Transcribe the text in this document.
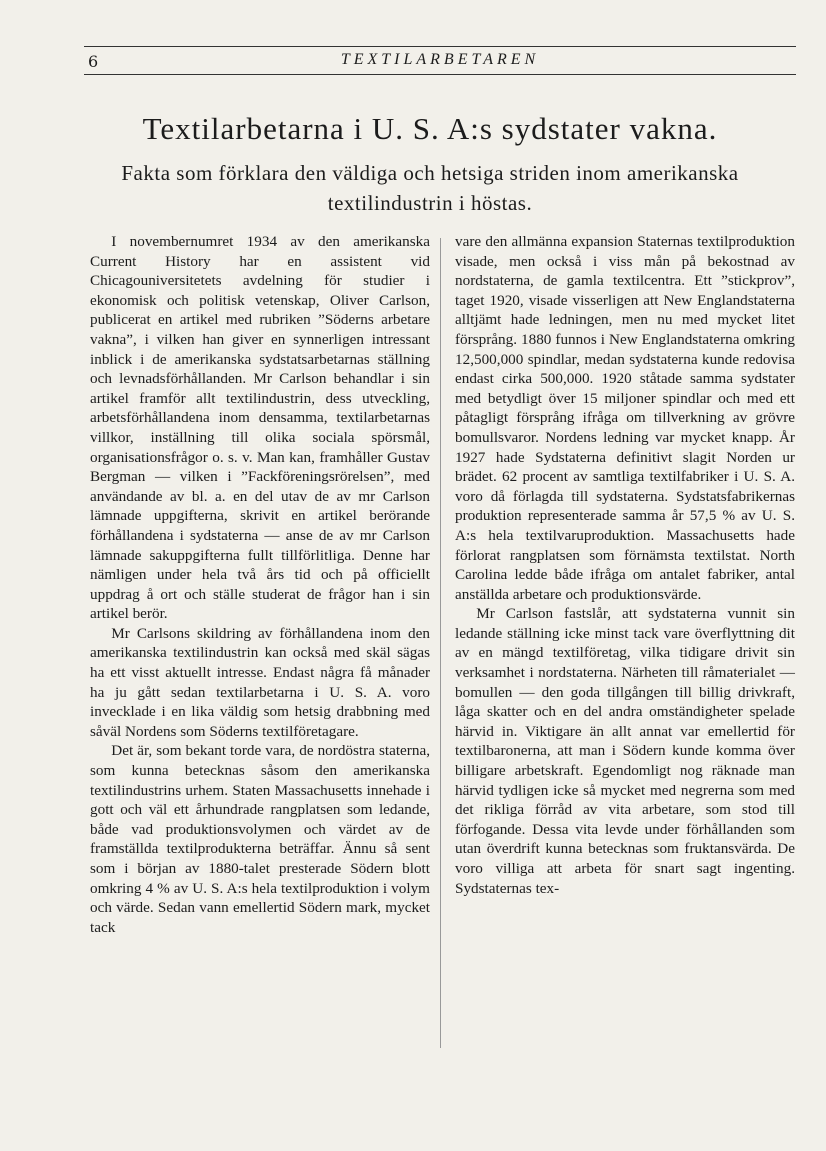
6	TEXTILARBETAREN
Textilarbetarna i U. S. A:s sydstater vakna.

Fakta som förklara den väldiga och hetsiga striden inom amerikanska textilindustrin i höstas.

I novembernumret 1934 av den amerikanska Current History har en assistent vid Chicagouniversitetets avdelning för studier i ekonomisk och politisk vetenskap, Oliver Carlson, publicerat en artikel med rubriken ”Söderns arbetare vakna”, i vilken han giver en synnerligen intressant inblick i de amerikanska sydstatsarbetarnas ställning och levnadsförhållanden. Mr Carlson behandlar i sin artikel framför allt textilindustrin, dess utveckling, arbetsförhållandena inom densamma, textilarbetarnas villkor, inställning till olika sociala spörsmål, organisationsfrågor o. s. v. Man kan, framhåller Gustav Bergman — vilken i ”Fackföreningsrörelsen”, med användande av bl. a. en del utav de av mr Carlson lämnade uppgifterna, skrivit en artikel berörande förhållandena i sydstaterna — anse de av mr Carlson lämnade sakuppgifterna fullt tillförlitliga. Denne har nämligen under hela två års tid och på officiellt uppdrag å ort och ställe studerat de frågor han i sin artikel berör.

Mr Carlsons skildring av förhållandena inom den amerikanska textilindustrin kan också med skäl sägas ha ett visst aktuellt intresse. Endast några få månader ha ju gått sedan textilarbetarna i U. S. A. voro invecklade i en lika väldig som hetsig drabbning med såväl Nordens som Söderns textilföretagare.

Det är, som bekant torde vara, de nordöstra staterna, som kunna betecknas såsom den amerikanska textilindustrins urhem. Staten Massachusetts innehade i gott och väl ett århundrade rangplatsen som ledande, både vad produktionsvolymen och värdet av de framställda textilprodukterna beträffar. Ännu så sent som i början av 1880-talet presterade Södern blott omkring 4 % av U. S. A:s hela textilproduktion i volym och värde. Sedan vann emellertid Södern mark, mycket tack

vare den allmänna expansion Staternas textilproduktion visade, men också i viss mån på bekostnad av nordstaterna, de gamla textilcentra. Ett ”stickprov”, taget 1920, visade visserligen att New Englandstaterna alltjämt hade ledningen, men nu med mycket litet försprång. 1880 funnos i New Englandstaterna omkring 12,500,000 spindlar, medan sydstaterna kunde redovisa endast cirka 500,000. 1920 ståtade samma sydstater med betydligt över 15 miljoner spindlar och med ett påtagligt försprång ifråga om tillverkning av grövre bomullsvaror. Nordens ledning var mycket knapp. År 1927 hade Sydstaterna definitivt slagit Norden ur brädet. 62 procent av samtliga textilfabriker i U. S. A. voro då förlagda till sydstaterna. Sydstatsfabrikernas produktion representerade samma år 57,5 % av U. S. A:s hela textilvaruproduktion. Massachusetts hade förlorat rangplatsen som förnämsta textilstat. North Carolina ledde både ifråga om antalet fabriker, antal anställda arbetare och produktionsvärde.

Mr Carlson fastslår, att sydstaterna vunnit sin ledande ställning icke minst tack vare överflyttning dit av en mängd textilföretag, vilka tidigare drivit sin verksamhet i nordstaterna. Närheten till råmaterialet — bomullen — den goda tillgången till billig drivkraft, låga skatter och en del andra omständigheter spelade härvid in. Viktigare än allt annat var emellertid för textilbaronerna, att man i Södern kunde komma över billigare arbetskraft. Egendomligt nog räknade man härvid tydligen icke så mycket med negrerna som med det rikliga förråd av vita arbetare, som stod till förfogande. Dessa vita levde under förhållanden som utan överdrift kunna betecknas som fruktansvärda. De voro villiga att arbeta för snart sagt ingenting. Sydstaternas tex-
